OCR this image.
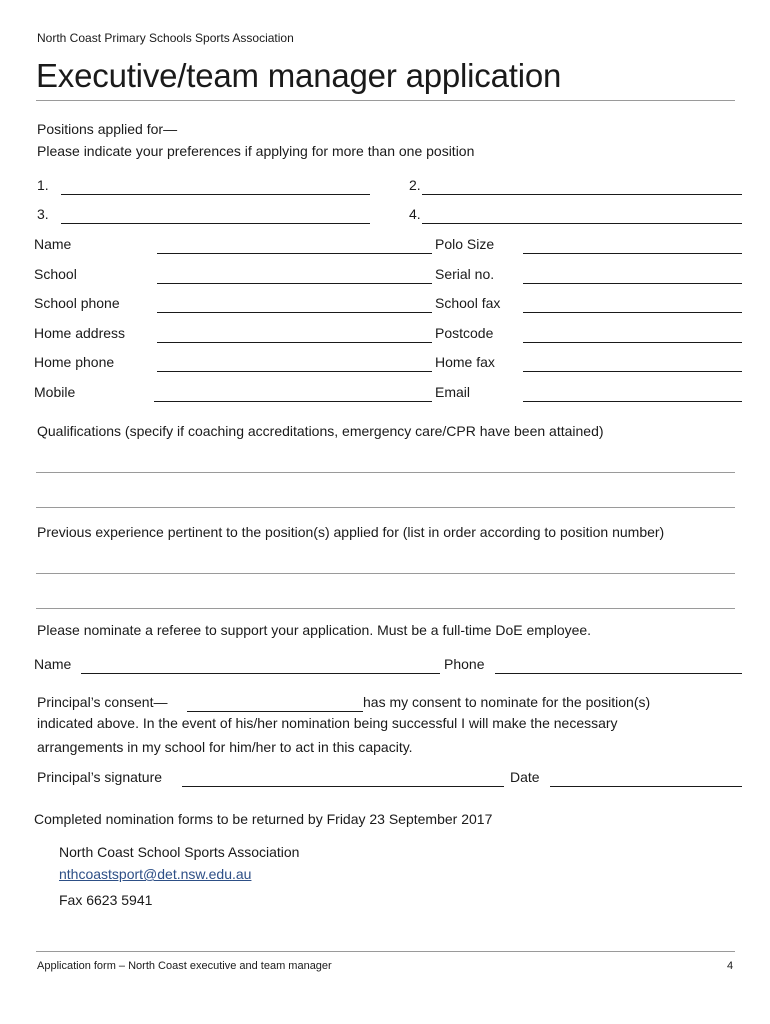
North Coast Primary Schools Sports Association
Executive/team manager application
Positions applied for—
Please indicate your preferences if applying for more than one position
1.	2.
3.	4.
Name	Polo Size
School	Serial no.
School phone	School fax
Home address	Postcode
Home phone	Home fax
Mobile	Email
Qualifications (specify if coaching accreditations, emergency care/CPR have been attained)
Previous experience pertinent to the position(s) applied for (list in order according to position number)
Please nominate a referee to support your application. Must be a full-time DoE employee.
Name	Phone
Principal’s consent—	has my consent to nominate for the position(s)
indicated above. In the event of his/her nomination being successful I will make the necessary
arrangements in my school for him/her to act in this capacity.
Principal’s signature	Date
Completed nomination forms to be returned by Friday 23 September 2017
North Coast School Sports Association
nthcoastsport@det.nsw.edu.au
Fax 6623 5941
Application form – North Coast executive and team manager	4
